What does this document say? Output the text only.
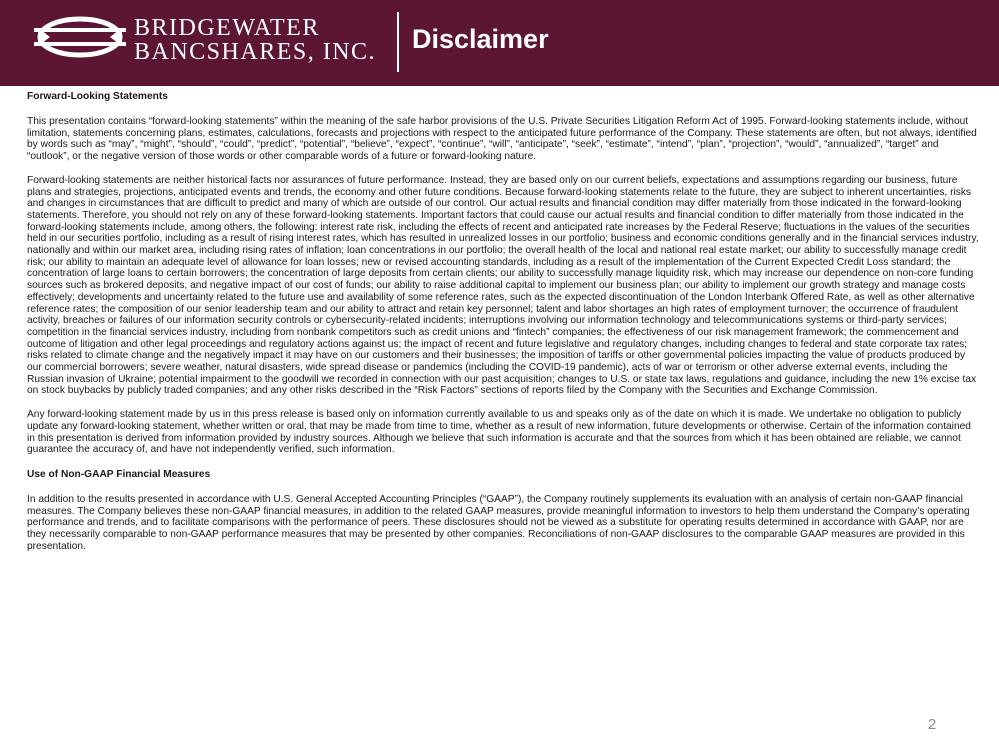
BRIDGEWATER
BANCSHARES, INC. Disclaimer
Forward-Looking Statements

This presentation contains “forward-looking statements” within the meaning of the safe harbor provisions of the U.S. Private Securities Litigation Reform Act of 1995. Forward-looking statements include, without limitation, statements concerning plans, estimates, calculations, forecasts and projections with respect to the anticipated future performance of the Company. These statements are often, but not always, identified by words such as “may”, “might”, “should”, “could”, “predict”, “potential”, “believe”, “expect”, “continue”, “will”, “anticipate”, “seek”, “estimate”, “intend”, “plan”, “projection”, “would”, “annualized”, “target” and “outlook”, or the negative version of those words or other comparable words of a future or forward-looking nature.

Forward-looking statements are neither historical facts nor assurances of future performance. Instead, they are based only on our current beliefs, expectations and assumptions regarding our business, future plans and strategies, projections, anticipated events and trends, the economy and other future conditions. Because forward-looking statements relate to the future, they are subject to inherent uncertainties, risks and changes in circumstances that are difficult to predict and many of which are outside of our control. Our actual results and financial condition may differ materially from those indicated in the forward-looking statements. Therefore, you should not rely on any of these forward-looking statements. Important factors that could cause our actual results and financial condition to differ materially from those indicated in the forward-looking statements include, among others, the following: interest rate risk, including the effects of recent and anticipated rate increases by the Federal Reserve; fluctuations in the values of the securities held in our securities portfolio, including as a result of rising interest rates, which has resulted in unrealized losses in our portfolio; business and economic conditions generally and in the financial services industry, nationally and within our market area, including rising rates of inflation; loan concentrations in our portfolio; the overall health of the local and national real estate market; our ability to successfully manage credit risk; our ability to maintain an adequate level of allowance for loan losses; new or revised accounting standards, including as a result of the implementation of the Current Expected Credit Loss standard; the concentration of large loans to certain borrowers; the concentration of large deposits from certain clients; our ability to successfully manage liquidity risk, which may increase our dependence on non-core funding sources such as brokered deposits, and negative impact of our cost of funds; our ability to raise additional capital to implement our business plan; our ability to implement our growth strategy and manage costs effectively; developments and uncertainty related to the future use and availability of some reference rates, such as the expected discontinuation of the London Interbank Offered Rate, as well as other alternative reference rates; the composition of our senior leadership team and our ability to attract and retain key personnel; talent and labor shortages an high rates of employment turnover; the occurrence of fraudulent activity, breaches or failures of our information security controls or cybersecurity-related incidents; interruptions involving our information technology and telecommunications systems or third-party services; competition in the financial services industry, including from nonbank competitors such as credit unions and “fintech” companies; the effectiveness of our risk management framework; the commencement and outcome of litigation and other legal proceedings and regulatory actions against us; the impact of recent and future legislative and regulatory changes, including changes to federal and state corporate tax rates; risks related to climate change and the negatively impact it may have on our customers and their businesses; the imposition of tariffs or other governmental policies impacting the value of products produced by our commercial borrowers; severe weather, natural disasters, wide spread disease or pandemics (including the COVID-19 pandemic), acts of war or terrorism or other adverse external events, including the Russian invasion of Ukraine; potential impairment to the goodwill we recorded in connection with our past acquisition; changes to U.S. or state tax laws, regulations and guidance, including the new 1% excise tax on stock buybacks by publicly traded companies; and any other risks described in the “Risk Factors” sections of reports filed by the Company with the Securities and Exchange Commission.

Any forward-looking statement made by us in this press release is based only on information currently available to us and speaks only as of the date on which it is made. We undertake no obligation to publicly update any forward-looking statement, whether written or oral, that may be made from time to time, whether as a result of new information, future developments or otherwise. Certain of the information contained in this presentation is derived from information provided by industry sources. Although we believe that such information is accurate and that the sources from which it has been obtained are reliable, we cannot guarantee the accuracy of, and have not independently verified, such information.

Use of Non-GAAP Financial Measures

In addition to the results presented in accordance with U.S. General Accepted Accounting Principles (“GAAP”), the Company routinely supplements its evaluation with an analysis of certain non-GAAP financial measures. The Company believes these non-GAAP financial measures, in addition to the related GAAP measures, provide meaningful information to investors to help them understand the Company’s operating performance and trends, and to facilitate comparisons with the performance of peers. These disclosures should not be viewed as a substitute for operating results determined in accordance with GAAP, nor are they necessarily comparable to non-GAAP performance measures that may be presented by other companies. Reconciliations of non-GAAP disclosures to the comparable GAAP measures are provided in this presentation.

2
